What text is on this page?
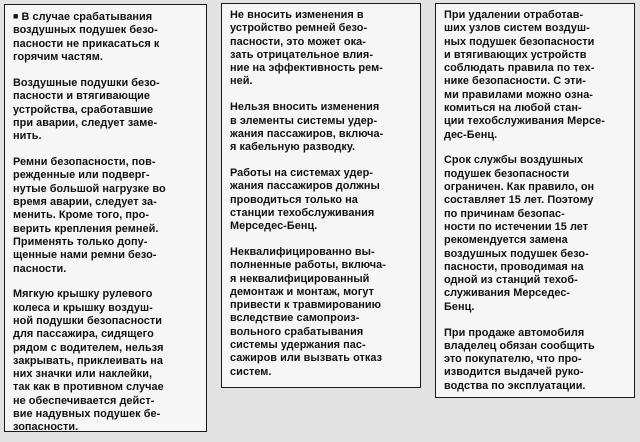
■ В случае срабатывания
воздушных подушек безо-
пасности не прикасаться к
горячим частям.
Воздушные подушки безо-
пасности и втягивающие
устройства, сработавшие
при аварии, следует заме-
нить.
Ремни безопасности, пов-
режденные или подверг-
нутые большой нагрузке во
время аварии, следует за-
менить. Кроме того, про-
верить крепления ремней.
Применять только допу-
щенные нами ремни безо-
пасности.
Мягкую крышку рулевого
колеса и крышку воздуш-
ной подушки безопасности
для пассажира, сидящего
рядом с водителем, нельзя
закрывать, приклеивать на
них значки или наклейки,
так как в противном случае
не обеспечивается дейст-
вие надувных подушек бе-
зопасности.
Не вносить изменения в
устройство ремней безо-
пасности, это может ока-
зать отрицательное влия-
ние на эффективность рем-
ней.
Нельзя вносить изменения
в элементы системы удер-
жания пассажиров, включа-
я кабельную разводку.
Работы на системах удер-
жания пассажиров должны
проводиться только на
станции техобслуживания
Мерседес-Бенц.
Неквалифицированно вы-
полненные работы, включа-
я неквалифицированный
демонтаж и монтаж, могут
привести к травмированию
вследствие самопроиз-
вольного срабатывания
системы удержания пас-
сажиров или вызвать отказ
систем.
При удалении отработав-
ших узлов систем воздуш-
ных подушек безопасности
и втягивающих устройств
соблюдать правила по тех-
нике безопасности. С эти-
ми правилами можно озна-
комиться на любой стан-
ции техобслуживания Мерсе-
дес-Бенц.
Срок службы воздушных
подушек безопасности
ограничен. Как правило, он
составляет 15 лет. Поэтому
по причинам безопас-
ности по истечении 15 лет
рекомендуется замена
воздушных подушек безо-
пасности, проводимая на
одной из станций техоб-
служивания Мерседес-
Бенц.
При продаже автомобиля
владелец обязан сообщить
это покупателю, что про-
изводится выдачей руко-
водства по эксплуатации.
